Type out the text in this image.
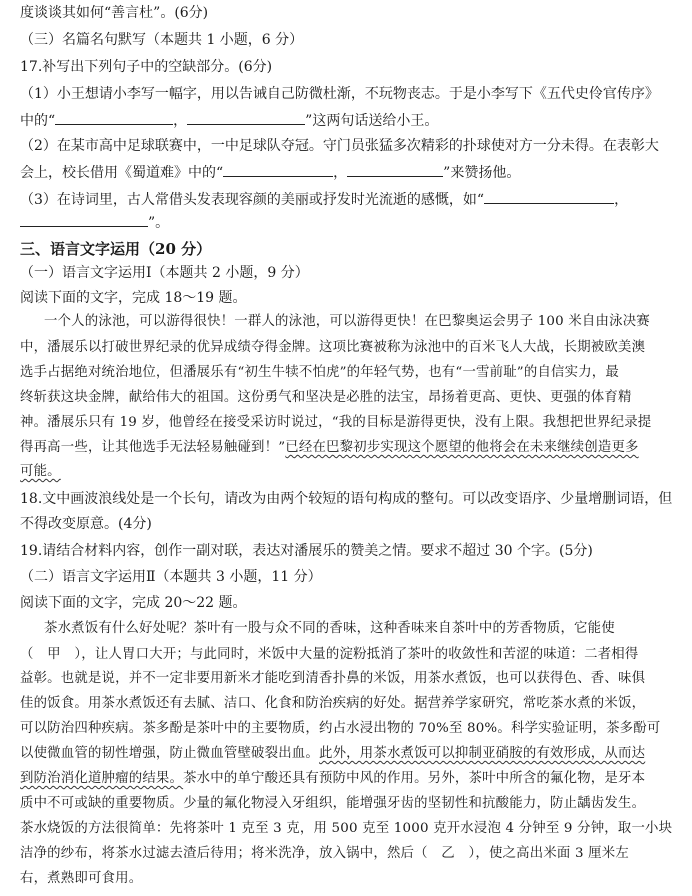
度谈谈其如何“善言杜”。(6分)
（三）名篇名句默写（本题共 1 小题，6 分）
17.补写出下列句子中的空缺部分。(6分)
（1）小王想请小李写一幅字，用以告诫自己防微杜渐，不玩物丧志。于是小李写下《五代史伶官传序》
中的“	，	”这两句话送给小王。
（2）在某市高中足球联赛中，一中足球队夺冠。守门员张猛多次精彩的扑球使对方一分未得。在表彰大
会上，校长借用《蜀道难》中的“	，	”来赞扬他。
（3）在诗词里，古人常借头发表现容颜的美丽或抒发时光流逝的感慨，如“	，
”。
三、语言文字运用（20 分）
（一）语言文字运用Ⅰ（本题共 2 小题，9 分）
阅读下面的文字，完成 18～19 题。
一个人的泳池，可以游得很快！一群人的泳池，可以游得更快！在巴黎奥运会男子 100 米自由泳决赛
中，潘展乐以打破世界纪录的优异成绩夺得金牌。这项比赛被称为泳池中的百米飞人大战，长期被欧美澳
选手占据绝对统治地位，但潘展乐有“初生牛犊不怕虎”的年轻气势，也有“一雪前耻”的自信实力，最
终斩获这块金牌，献给伟大的祖国。这份勇气和坚决是必胜的法宝，昂扬着更高、更快、更强的体育精
神。潘展乐只有 19 岁，他曾经在接受采访时说过，“我的目标是游得更快，没有上限。我想把世界纪录提
得再高一些，让其他选手无法轻易触碰到！”已经在巴黎初步实现这个愿望的他将会在未来继续创造更多
可能。
18.文中画波浪线处是一个长句，请改为由两个较短的语句构成的整句。可以改变语序、少量增删词语，但
不得改变原意。(4分)
19.请结合材料内容，创作一副对联，表达对潘展乐的赞美之情。要求不超过 30 个字。(5分)
（二）语言文字运用Ⅱ（本题共 3 小题，11 分）
阅读下面的文字，完成 20～22 题。
茶水煮饭有什么好处呢？茶叶有一股与众不同的香味，这种香味来自茶叶中的芳香物质，它能使
（　甲　），让人胃口大开；与此同时，米饭中大量的淀粉抵消了茶叶的收敛性和苦涩的味道：二者相得
益彰。也就是说，并不一定非要用新米才能吃到清香扑鼻的米饭，用茶水煮饭，也可以获得色、香、味俱
佳的饭食。用茶水煮饭还有去腻、洁口、化食和防治疾病的好处。据营养学家研究，常吃茶水煮的米饭，
可以防治四种疾病。茶多酚是茶叶中的主要物质，约占水浸出物的 70%至 80%。科学实验证明，茶多酚可
以使微血管的韧性增强，防止微血管壁破裂出血。此外，用茶水煮饭可以抑制亚硝胺的有效形成，从而达
到防治消化道肿瘤的结果。茶水中的单宁酸还具有预防中风的作用。另外，茶叶中所含的氟化物，是牙本
质中不可或缺的重要物质。少量的氟化物浸入牙组织，能增强牙齿的坚韧性和抗酸能力，防止龋齿发生。
茶水烧饭的方法很简单：先将茶叶 1 克至 3 克，用 500 克至 1000 克开水浸泡 4 分钟至 9 分钟，取一小块
洁净的纱布，将茶水过滤去渣后待用；将米洗净，放入锅中，然后（　乙　），使之高出米面 3 厘米左
右，煮熟即可食用。
